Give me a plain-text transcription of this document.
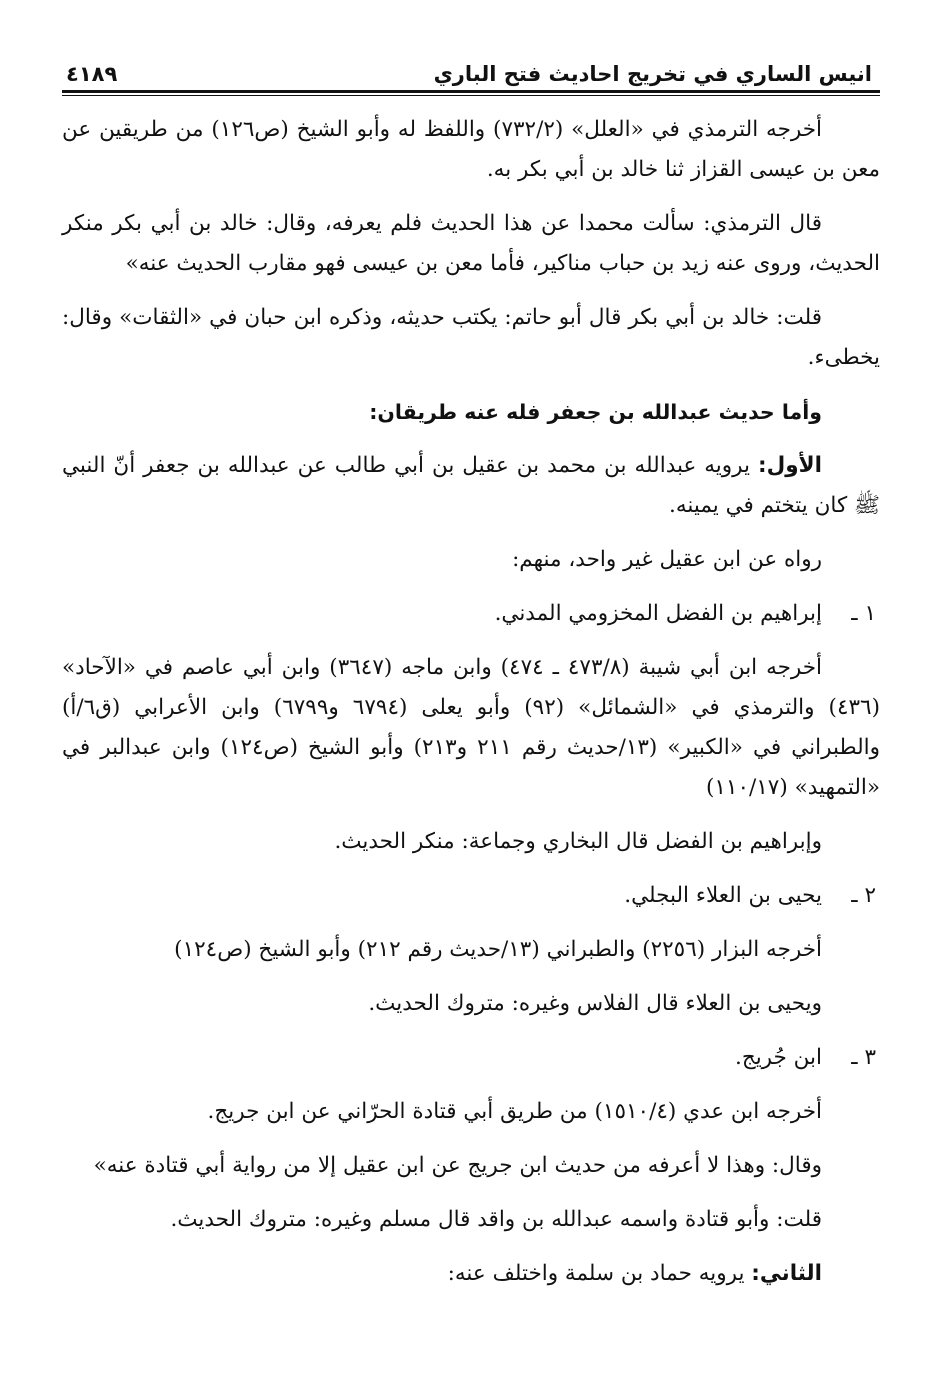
انيس الساري في تخريج احاديث فتح الباري
٤١٨٩

أخرجه الترمذي في «العلل» (٧٣٢/٢) واللفظ له وأبو الشيخ (ص١٢٦) من طريقين عن معن بن عيسى القزاز ثنا خالد بن أبي بكر به.

قال الترمذي: سألت محمدا عن هذا الحديث فلم يعرفه، وقال: خالد بن أبي بكر منكر الحديث، وروى عنه زيد بن حباب مناكير، فأما معن بن عيسى فهو مقارب الحديث عنه»

قلت: خالد بن أبي بكر قال أبو حاتم: يكتب حديثه، وذكره ابن حبان في «الثقات» وقال: يخطىء.

وأما حديث عبدالله بن جعفر فله عنه طريقان:

الأول: يرويه عبدالله بن محمد بن عقيل بن أبي طالب عن عبدالله بن جعفر أنّ النبي ﷺ كان يتختم في يمينه.

رواه عن ابن عقيل غير واحد، منهم:

١ ـ
إبراهيم بن الفضل المخزومي المدني.

أخرجه ابن أبي شيبة (٤٧٣/٨ ـ ٤٧٤) وابن ماجه (٣٦٤٧) وابن أبي عاصم في «الآحاد» (٤٣٦) والترمذي في «الشمائل» (٩٢) وأبو يعلى (٦٧٩٤ و٦٧٩٩) وابن الأعرابي (ق٦/أ) والطبراني في «الكبير» (١٣/حديث رقم ٢١١ و٢١٣) وأبو الشيخ (ص١٢٤) وابن عبدالبر في «التمهيد» (١١٠/١٧)

وإبراهيم بن الفضل قال البخاري وجماعة: منكر الحديث.

٢ ـ
يحيى بن العلاء البجلي.

أخرجه البزار (٢٢٥٦) والطبراني (١٣/حديث رقم ٢١٢) وأبو الشيخ (ص١٢٤)

ويحيى بن العلاء قال الفلاس وغيره: متروك الحديث.

٣ ـ
ابن جُريج.

أخرجه ابن عدي (١٥١٠/٤) من طريق أبي قتادة الحرّاني عن ابن جريج.

وقال: وهذا لا أعرفه من حديث ابن جريج عن ابن عقيل إلا من رواية أبي قتادة عنه»

قلت: وأبو قتادة واسمه عبدالله بن واقد قال مسلم وغيره: متروك الحديث.

الثاني: يرويه حماد بن سلمة واختلف عنه:
